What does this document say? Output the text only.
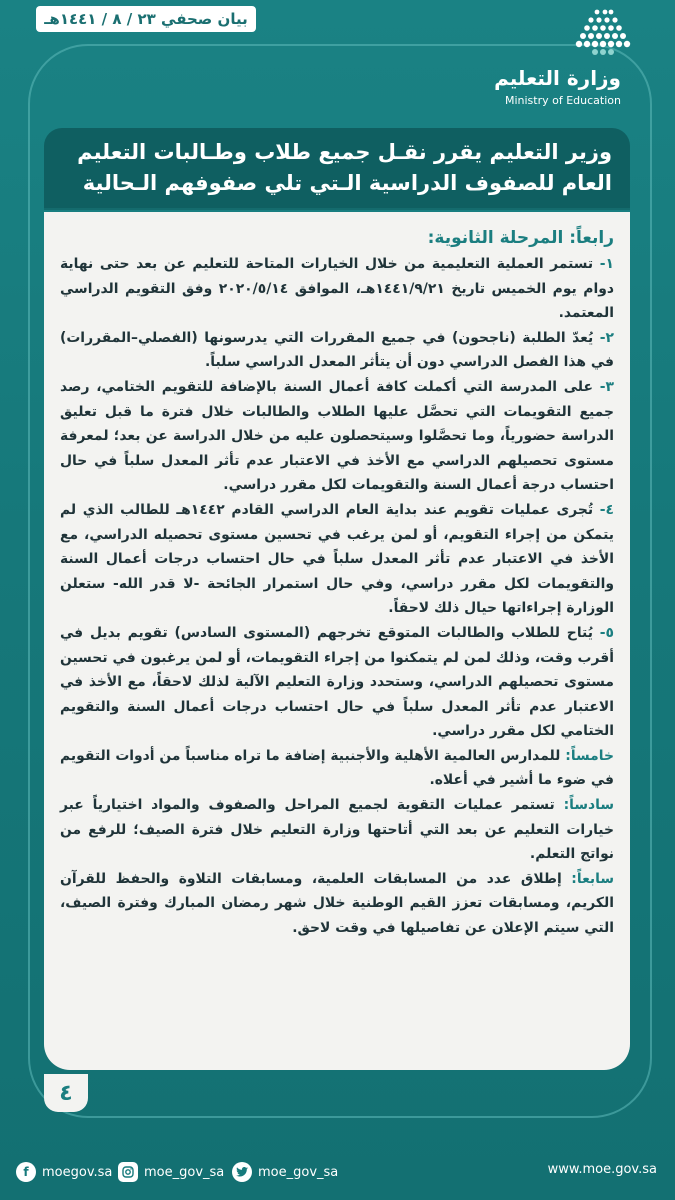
بيان صحفي ٢٣ / ٨ / ١٤٤١هـ
وزارة التعليم
Ministry of Education
وزير التعليم يقرر نقـل جميع طلاب وطـالبات التعليم
العام للصفوف الدراسية الـتي تلي صفوفهم الـحالية

رابعاً: المرحلة الثانوية:

١- تستمر العملية التعليمية من خلال الخيارات المتاحة للتعليم عن بعد حتى نهاية دوام يوم الخميس تاريخ ١٤٤١/٩/٢١هـ، الموافق ٢٠٢٠/٥/١٤ وفق التقويم الدراسي المعتمد.

٢- يُعدّ الطلبة (ناجحون) في جميع المقررات التي يدرسونها (الفصلي–المقررات) في هذا الفصل الدراسي دون أن يتأثر المعدل الدراسي سلباً.

٣- على المدرسة التي أكملت كافة أعمال السنة بالإضافة للتقويم الختامي، رصد جميع التقويمات التي تحصَّل عليها الطلاب والطالبات خلال فترة ما قبل تعليق الدراسة حضورياً، وما تحصَّلوا وسيتحصلون عليه من خلال الدراسة عن بعد؛ لمعرفة مستوى تحصيلهم الدراسي مع الأخذ في الاعتبار عدم تأثر المعدل سلباً في حال احتساب درجة أعمال السنة والتقويمات لكل مقرر دراسي.

٤- تُجرى عمليات تقويم عند بداية العام الدراسي القادم ١٤٤٢هـ للطالب الذي لم يتمكن من إجراء التقويم، أو لمن يرغب في تحسين مستوى تحصيله الدراسي، مع الأخذ في الاعتبار عدم تأثر المعدل سلباً في حال احتساب درجات أعمال السنة والتقويمات لكل مقرر دراسي، وفي حال استمرار الجائحة -لا قدر الله- ستعلن الوزارة إجراءاتها حيال ذلك لاحقاً.

٥- يُتاح للطلاب والطالبات المتوقع تخرجهم (المستوى السادس) تقويم بديل في أقرب وقت، وذلك لمن لم يتمكنوا من إجراء التقويمات، أو لمن يرغبون في تحسين مستوى تحصيلهم الدراسي، وستحدد وزارة التعليم الآلية لذلك لاحقاً، مع الأخذ في الاعتبار عدم تأثر المعدل سلباً في حال احتساب درجات أعمال السنة والتقويم الختامي لكل مقرر دراسي.

خامساً: للمدارس العالمية الأهلية والأجنبية إضافة ما تراه مناسباً من أدوات التقويم في ضوء ما أشير في أعلاه.

سادساً: تستمر عمليات التقوية لجميع المراحل والصفوف والمواد اختيارياً عبر خيارات التعليم عن بعد التي أتاحتها وزارة التعليم خلال فترة الصيف؛ للرفع من نواتج التعلم.

سابعاً: إطلاق عدد من المسابقات العلمية، ومسابقات التلاوة والحفظ للقرآن الكريم، ومسابقات تعزز القيم الوطنية خلال شهر رمضان المبارك وفترة الصيف، التي سيتم الإعلان عن تفاصيلها في وقت لاحق.

٤
www.moe.gov.sa
moe_gov_sa
moe_gov_sa
f	moegov.sa
